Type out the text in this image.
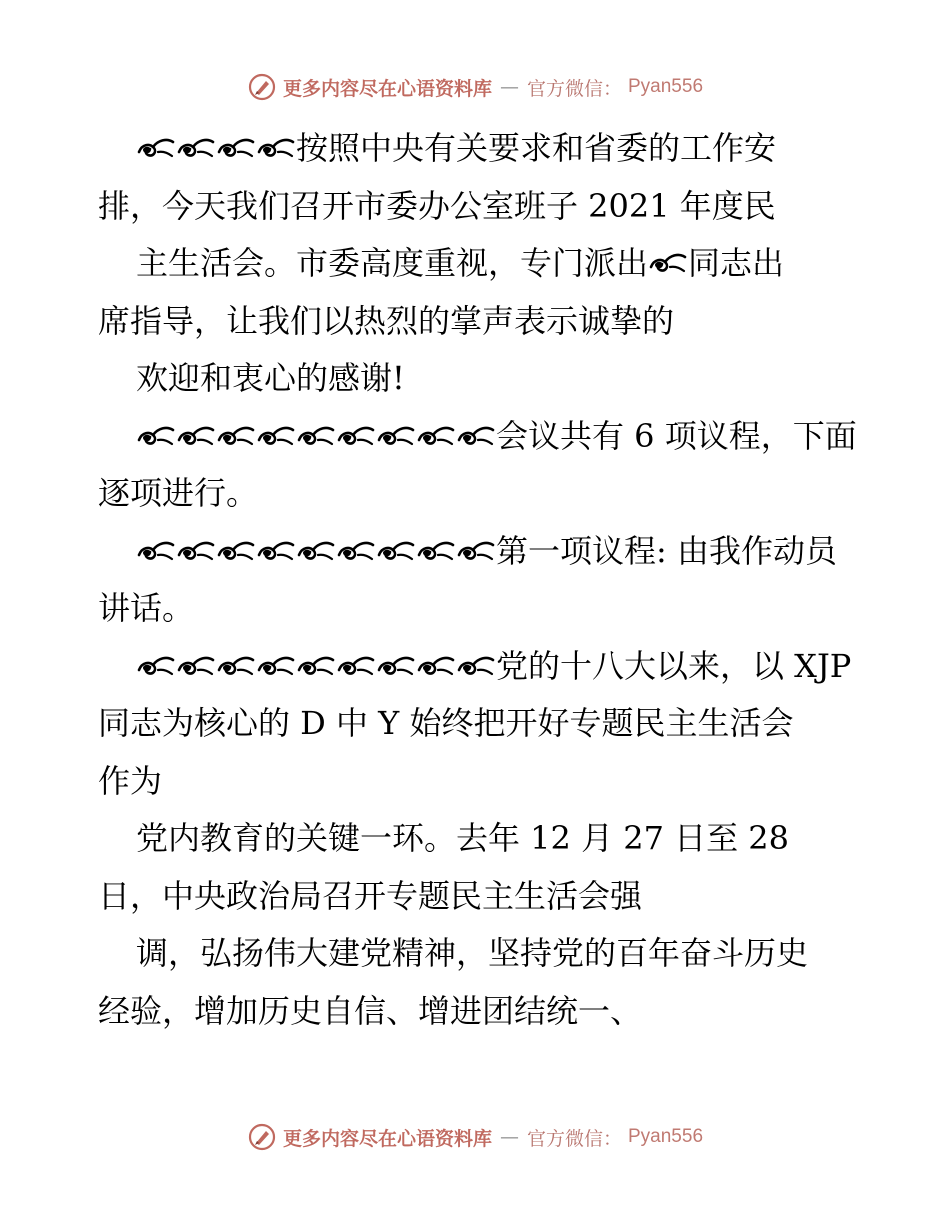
更多内容尽在心语资料库 — 官方微信： Pyan556
按照中央有关要求和省委的工作安
排，今天我们召开市委办公室班子 2021 年度民
主生活会。市委高度重视，专门派出 同志出
席指导，让我们以热烈的掌声表示诚挚的
欢迎和衷心的感谢!
会议共有 6 项议程，下面
逐项进行。
第一项议程: 由我作动员
讲话。
党的十八大以来，以 XJP
同志为核心的 D 中 Y 始终把开好专题民主生活会
作为
党内教育的关键一环。去年 12 月 27 日至 28
日，中央政治局召开专题民主生活会强
调，弘扬伟大建党精神，坚持党的百年奋斗历史
经验，增加历史自信、增进团结统一、
更多内容尽在心语资料库 — 官方微信： Pyan556
